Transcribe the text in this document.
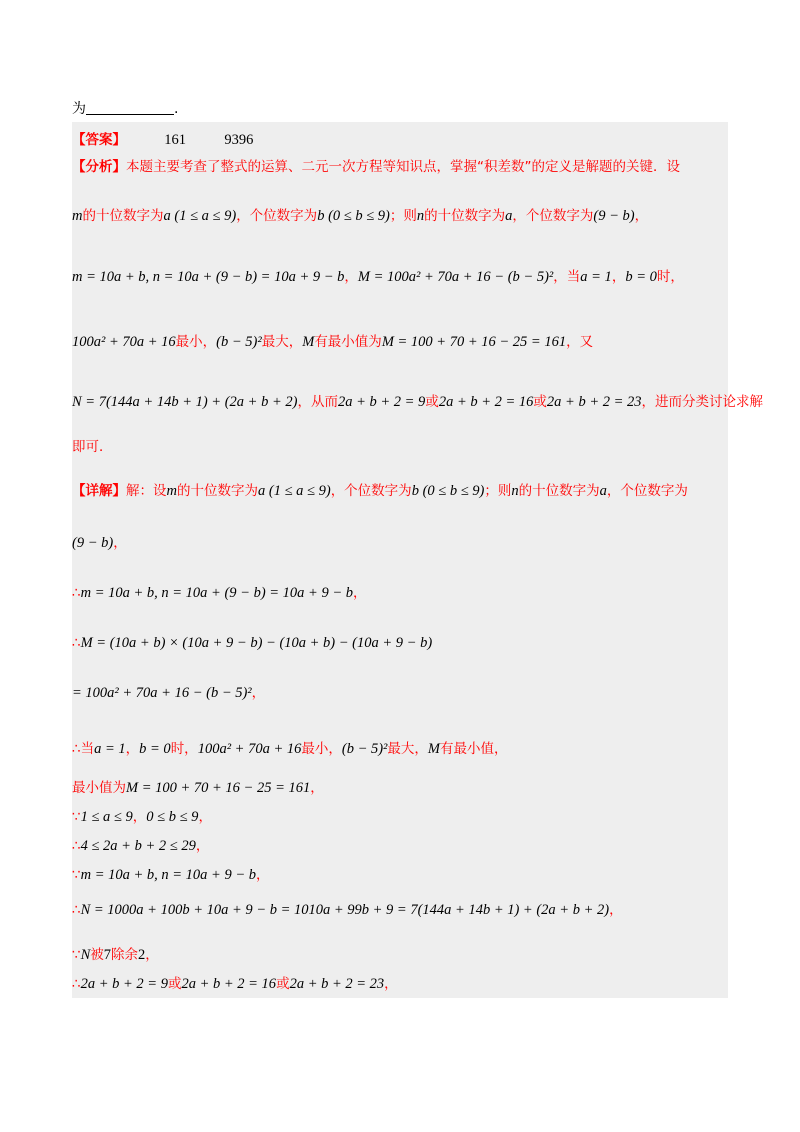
为	.
【答案】	161	9396
【分析】本题主要考查了整式的运算、二元一次方程等知识点，掌握“积差数”的定义是解题的关键．设
m的十位数字为a (1 ≤ a ≤ 9)，个位数字为b (0 ≤ b ≤ 9)；则n的十位数字为a，个位数字为(9 − b)，
m = 10a + b, n = 10a + (9 − b) = 10a + 9 − b，M = 100a² + 70a + 16 − (b − 5)²，当a = 1，b = 0时，
100a² + 70a + 16最小，(b − 5)²最大，M有最小值为M = 100 + 70 + 16 − 25 = 161，又
N = 7(144a + 14b + 1) + (2a + b + 2)，从而2a + b + 2 = 9或2a + b + 2 = 16或2a + b + 2 = 23，进而分类讨论求解
即可．
【详解】解：设m的十位数字为a (1 ≤ a ≤ 9)，个位数字为b (0 ≤ b ≤ 9)；则n的十位数字为a，个位数字为
(9 − b)，
∴m = 10a + b, n = 10a + (9 − b) = 10a + 9 − b，
∴M = (10a + b) × (10a + 9 − b) − (10a + b) − (10a + 9 − b)
= 100a² + 70a + 16 − (b − 5)²，
∴当a = 1，b = 0时，100a² + 70a + 16最小，(b − 5)²最大，M有最小值，
最小值为M = 100 + 70 + 16 − 25 = 161，
∵1 ≤ a ≤ 9，0 ≤ b ≤ 9，
∴4 ≤ 2a + b + 2 ≤ 29，
∵m = 10a + b, n = 10a + 9 − b，
∴N = 1000a + 100b + 10a + 9 − b = 1010a + 99b + 9 = 7(144a + 14b + 1) + (2a + b + 2)，
∵N被7除余2，
∴2a + b + 2 = 9或2a + b + 2 = 16或2a + b + 2 = 23，
